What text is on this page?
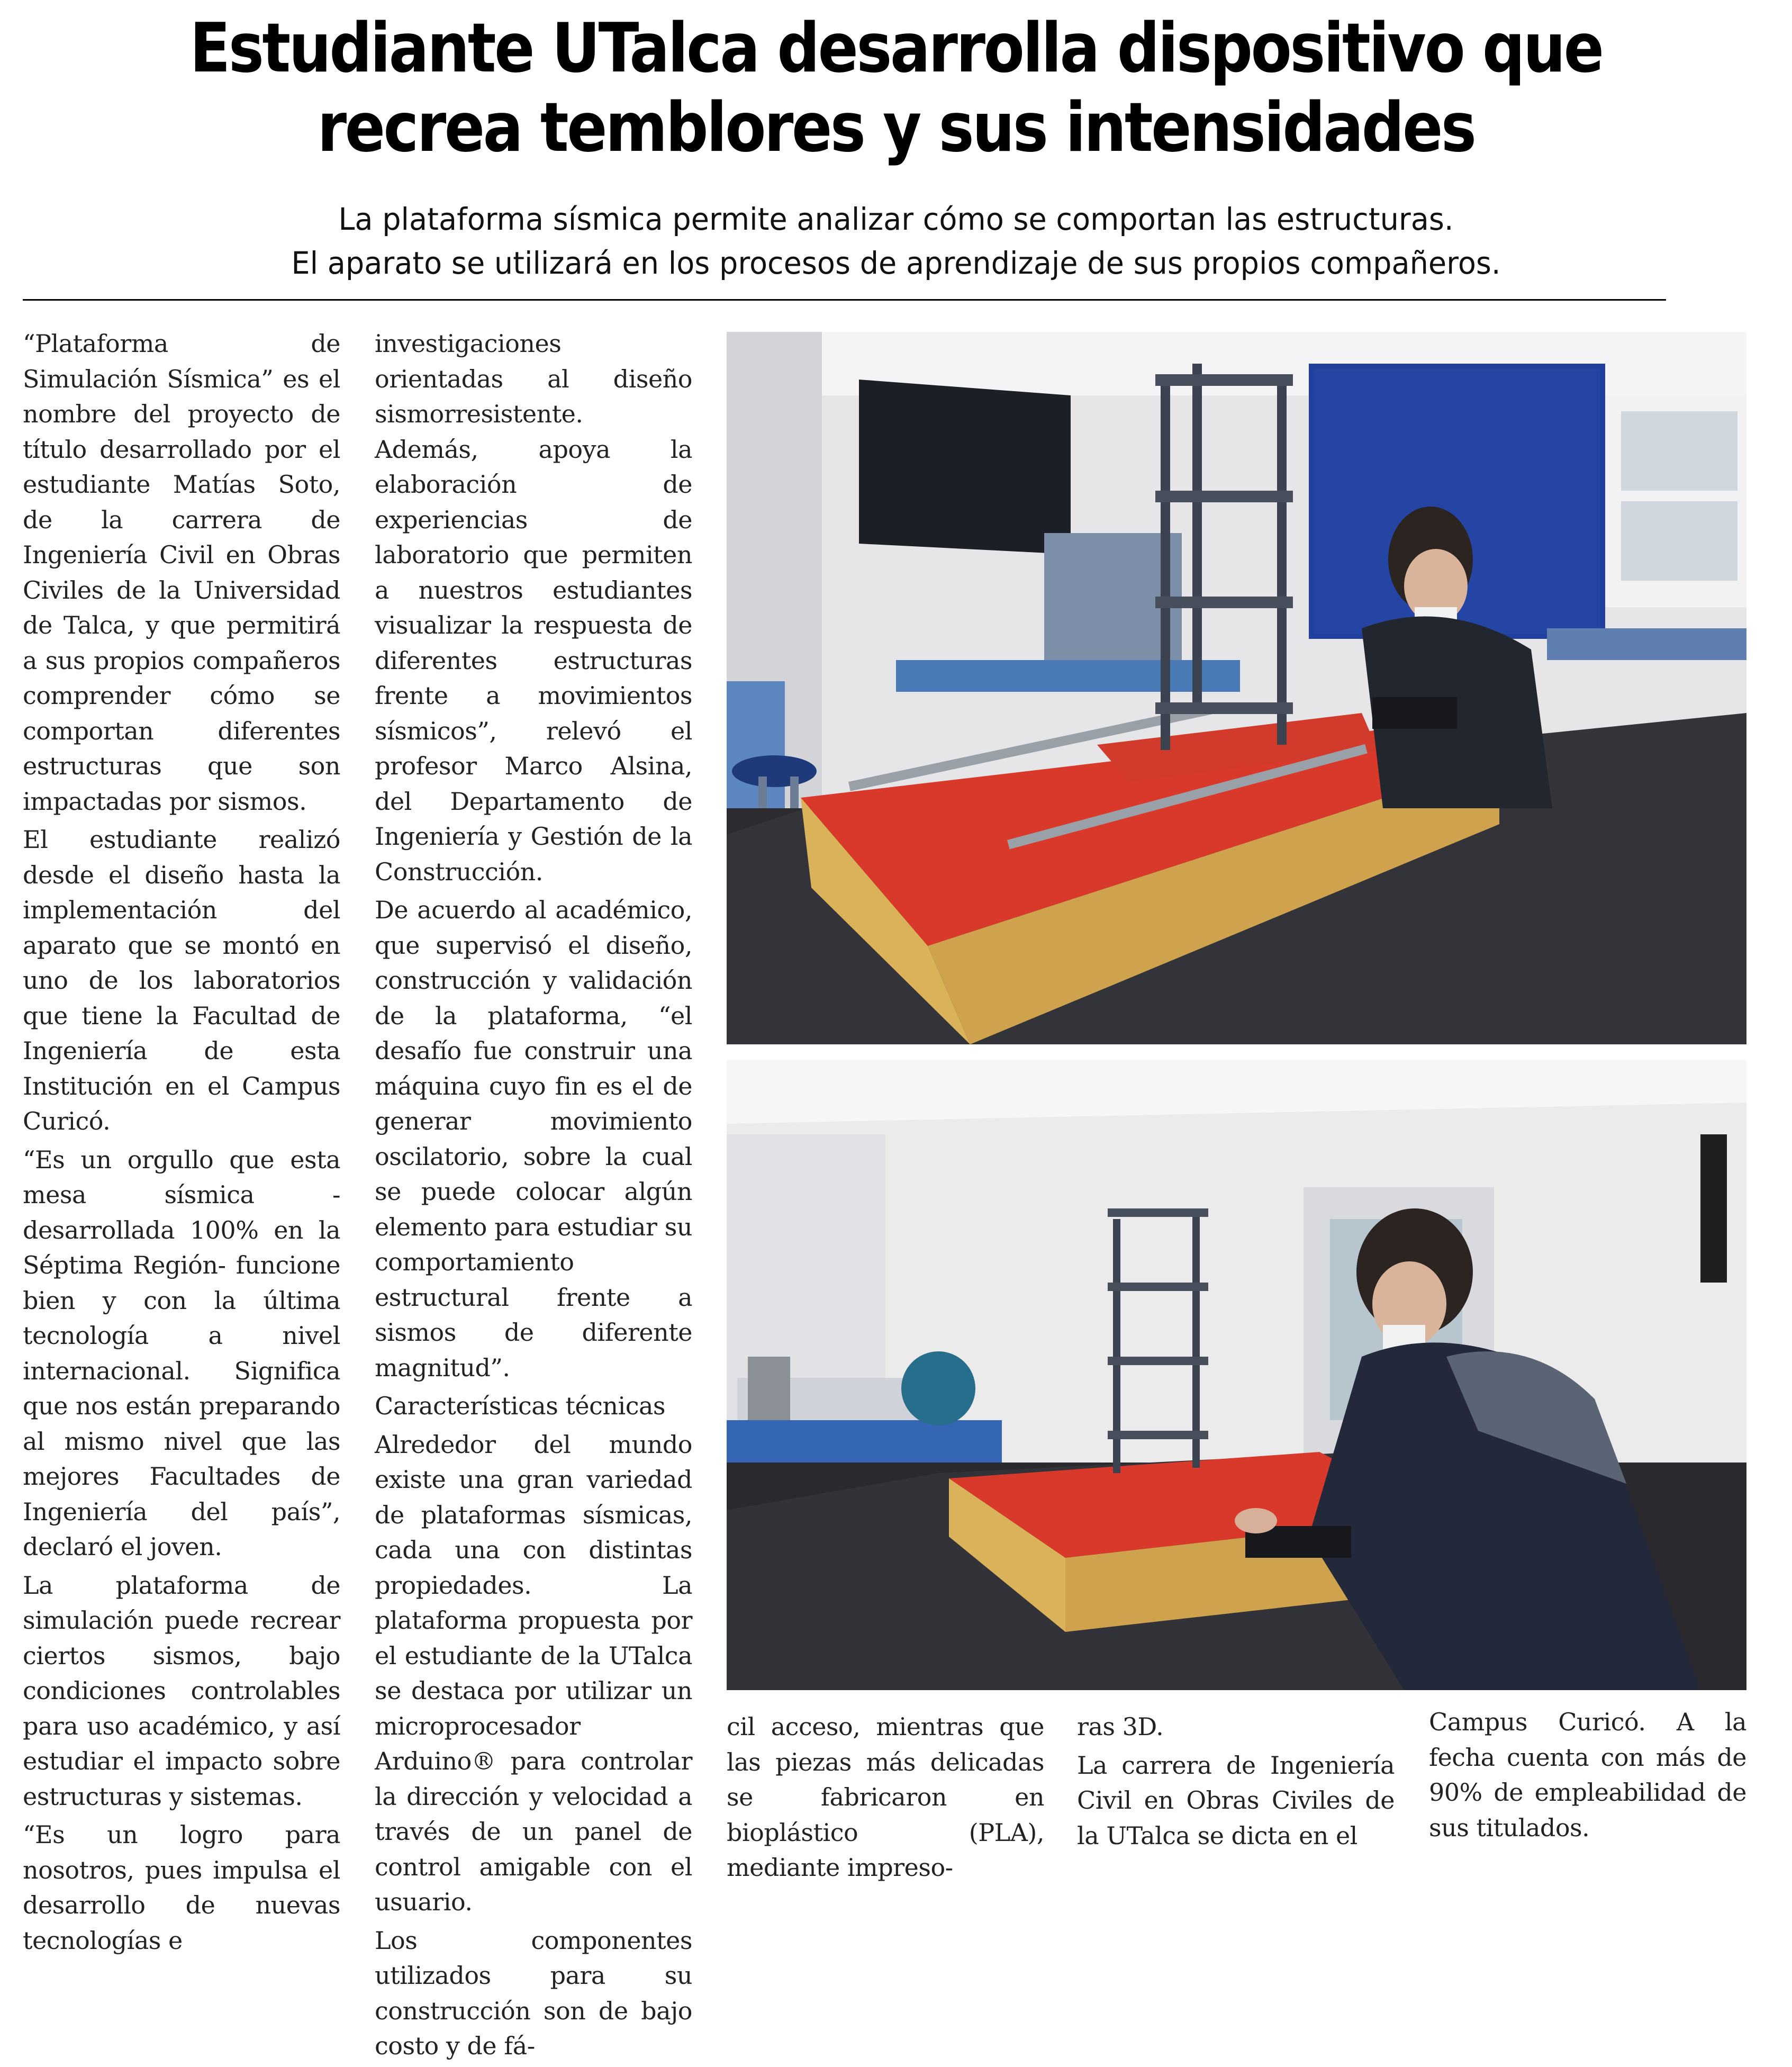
Estudiante UTalca desarrolla dispositivo que
recrea temblores y sus intensidades

La plataforma sísmica permite analizar cómo se comportan las estructuras.

El aparato se utilizará en los procesos de aprendizaje de sus propios compañeros.

“Plataforma de Simulación Sísmica” es el nombre del proyecto de título desarrollado por el estudiante Matías Soto, de la carrera de Ingeniería Civil en Obras Civiles de la Universidad de Talca, y que permitirá a sus propios compañeros comprender cómo se comportan diferentes estructuras que son impactadas por sismos.

El estudiante realizó desde el diseño hasta la implementación del aparato que se montó en uno de los laboratorios que tiene la Facultad de Ingeniería de esta Institución en el Campus Curicó.

“Es un orgullo que esta mesa sísmica -desarrollada 100% en la Séptima Región- funcione bien y con la última tecnología a nivel internacional. Significa que nos están preparando al mismo nivel que las mejores Facultades de Ingeniería del país”, declaró el joven.

La plataforma de simulación puede recrear ciertos sismos, bajo condiciones controlables para uso académico, y así estudiar el impacto sobre estructuras y sistemas.

“Es un logro para nosotros, pues impulsa el desarrollo de nuevas tecnologías e

investigaciones orientadas al diseño sismorresistente. Además, apoya la elaboración de experiencias de laboratorio que permiten a nuestros estudiantes visualizar la respuesta de diferentes estructuras frente a movimientos sísmicos”, relevó el profesor Marco Alsina, del Departamento de Ingeniería y Gestión de la Construcción.

De acuerdo al académico, que supervisó el diseño, construcción y validación de la plataforma, “el desafío fue construir una máquina cuyo fin es el de generar movimiento oscilatorio, sobre la cual se puede colocar algún elemento para estudiar su comportamiento estructural frente a sismos de diferente magnitud”.

Características técnicas

Alrededor del mundo existe una gran variedad de plataformas sísmicas, cada una con distintas propiedades. La plataforma propuesta por el estudiante de la UTalca se destaca por utilizar un microprocesador Arduino® para controlar la dirección y velocidad a través de un panel de control amigable con el usuario.

Los componentes utilizados para su construcción son de bajo costo y de fá-

cil acceso, mientras que las piezas más delicadas se fabricaron en bioplástico (PLA), mediante impreso-

ras 3D.

La carrera de Ingeniería Civil en Obras Civiles de la UTalca se dicta en el

Campus Curicó. A la fecha cuenta con más de 90% de empleabilidad de sus titulados.
